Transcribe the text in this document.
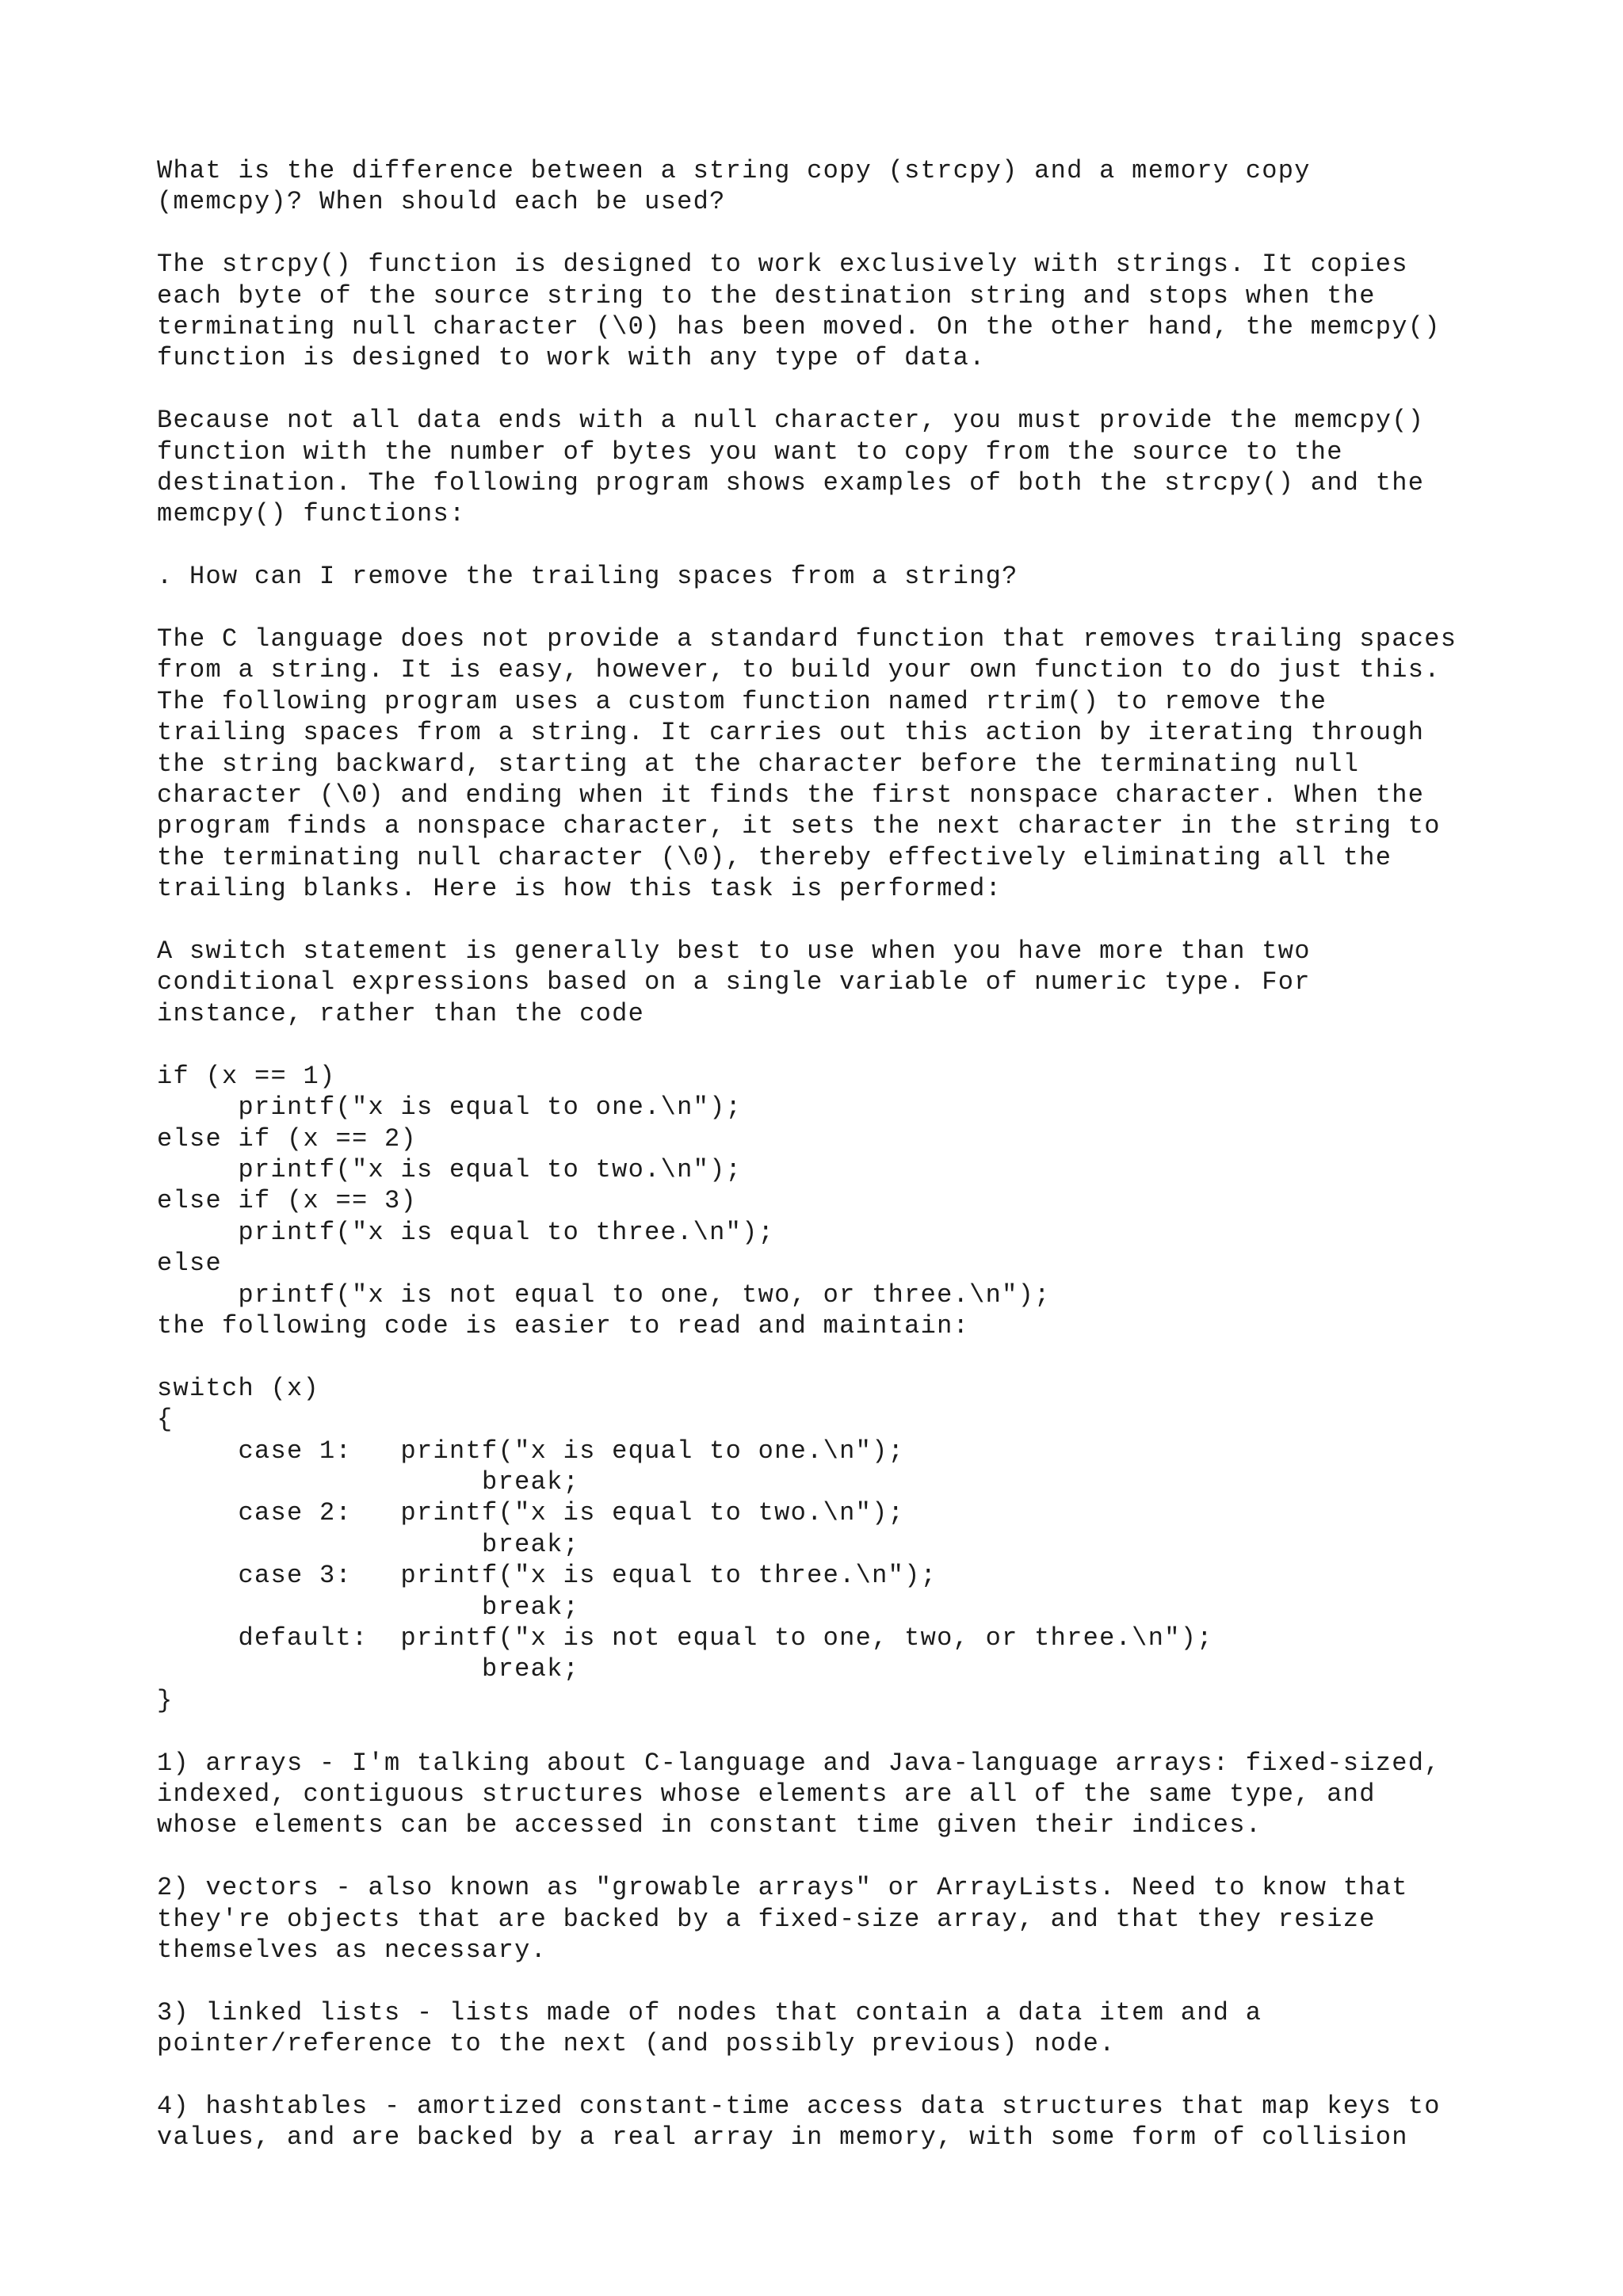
What is the difference between a string copy (strcpy) and a memory copy
(memcpy)? When should each be used?
The strcpy() function is designed to work exclusively with strings. It copies
each byte of the source string to the destination string and stops when the
terminating null character (\0) has been moved. On the other hand, the memcpy()
function is designed to work with any type of data.
Because not all data ends with a null character, you must provide the memcpy()
function with the number of bytes you want to copy from the source to the
destination. The following program shows examples of both the strcpy() and the
memcpy() functions:
. How can I remove the trailing spaces from a string?
The C language does not provide a standard function that removes trailing spaces
from a string. It is easy, however, to build your own function to do just this.
The following program uses a custom function named rtrim() to remove the
trailing spaces from a string. It carries out this action by iterating through
the string backward, starting at the character before the terminating null
character (\0) and ending when it finds the first nonspace character. When the
program finds a nonspace character, it sets the next character in the string to
the terminating null character (\0), thereby effectively eliminating all the
trailing blanks. Here is how this task is performed:
A switch statement is generally best to use when you have more than two
conditional expressions based on a single variable of numeric type. For
instance, rather than the code
if (x == 1)
printf("x is equal to one.\n");
else if (x == 2)
printf("x is equal to two.\n");
else if (x == 3)
printf("x is equal to three.\n");
else
printf("x is not equal to one, two, or three.\n");
the following code is easier to read and maintain:
switch (x)
{
case 1:   printf("x is equal to one.\n");
break;
case 2:   printf("x is equal to two.\n");
break;
case 3:   printf("x is equal to three.\n");
break;
default:  printf("x is not equal to one, two, or three.\n");
break;
}
1) arrays - I'm talking about C-language and Java-language arrays: fixed-sized,
indexed, contiguous structures whose elements are all of the same type, and
whose elements can be accessed in constant time given their indices.
2) vectors - also known as "growable arrays" or ArrayLists. Need to know that
they're objects that are backed by a fixed-size array, and that they resize
themselves as necessary.
3) linked lists - lists made of nodes that contain a data item and a
pointer/reference to the next (and possibly previous) node.
4) hashtables - amortized constant-time access data structures that map keys to
values, and are backed by a real array in memory, with some form of collision
